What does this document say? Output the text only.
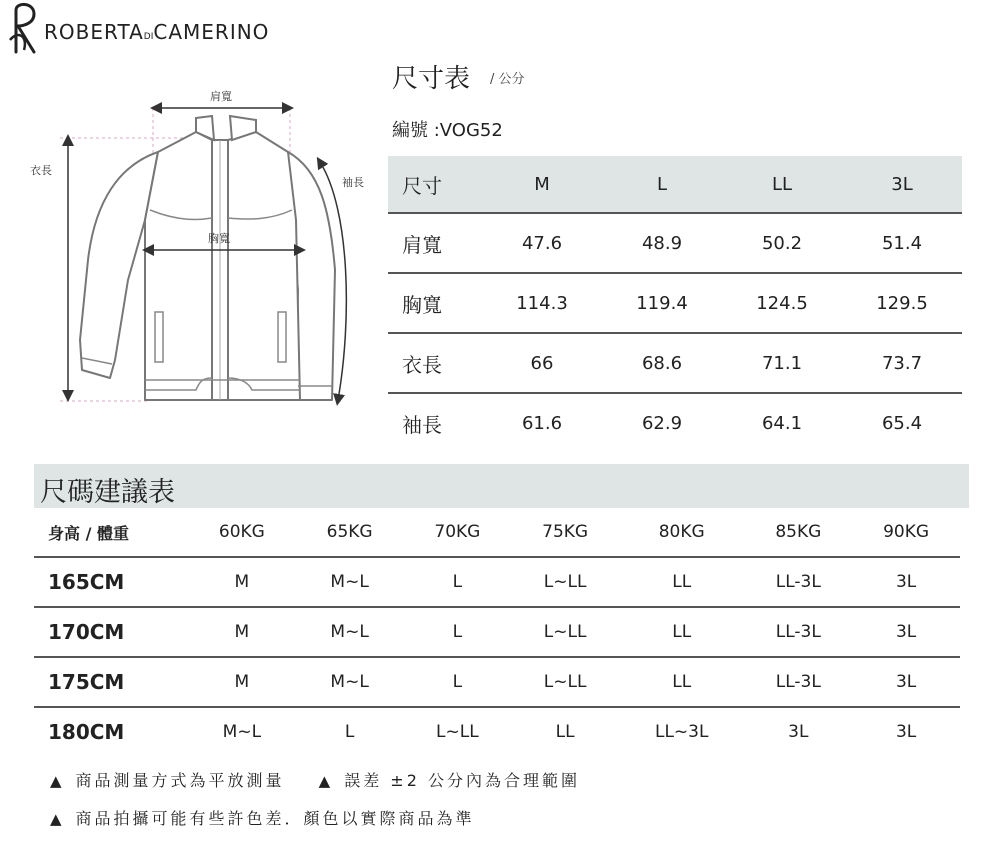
肩寬
胸寬
衣長
袖長
尺寸表 / 公分
編號 :VOG52
ROBERTADICAMERINO
尺寸	M	L	LL	3L
肩寬	47.6	48.9	50.2	51.4
胸寬	114.3	119.4	124.5	129.5
衣長	66	68.6	71.1	73.7
袖長	61.6	62.9	64.1	65.4
尺碼建議表
身高 / 體重	60KG	65KG	70KG	75KG	80KG	85KG	90KG
165CM	M	M~L	L	L~LL	LL	LL-3L	3L
170CM	M	M~L	L	L~LL	LL	LL-3L	3L
175CM	M	M~L	L	L~LL	LL	LL-3L	3L
180CM	M~L	L	L~LL	LL	LL~3L	3L	3L
▲ 商品測量方式為平放測量 ▲ 誤差 ±2 公分內為合理範圍
▲ 商品拍攝可能有些許色差．顏色以實際商品為準
